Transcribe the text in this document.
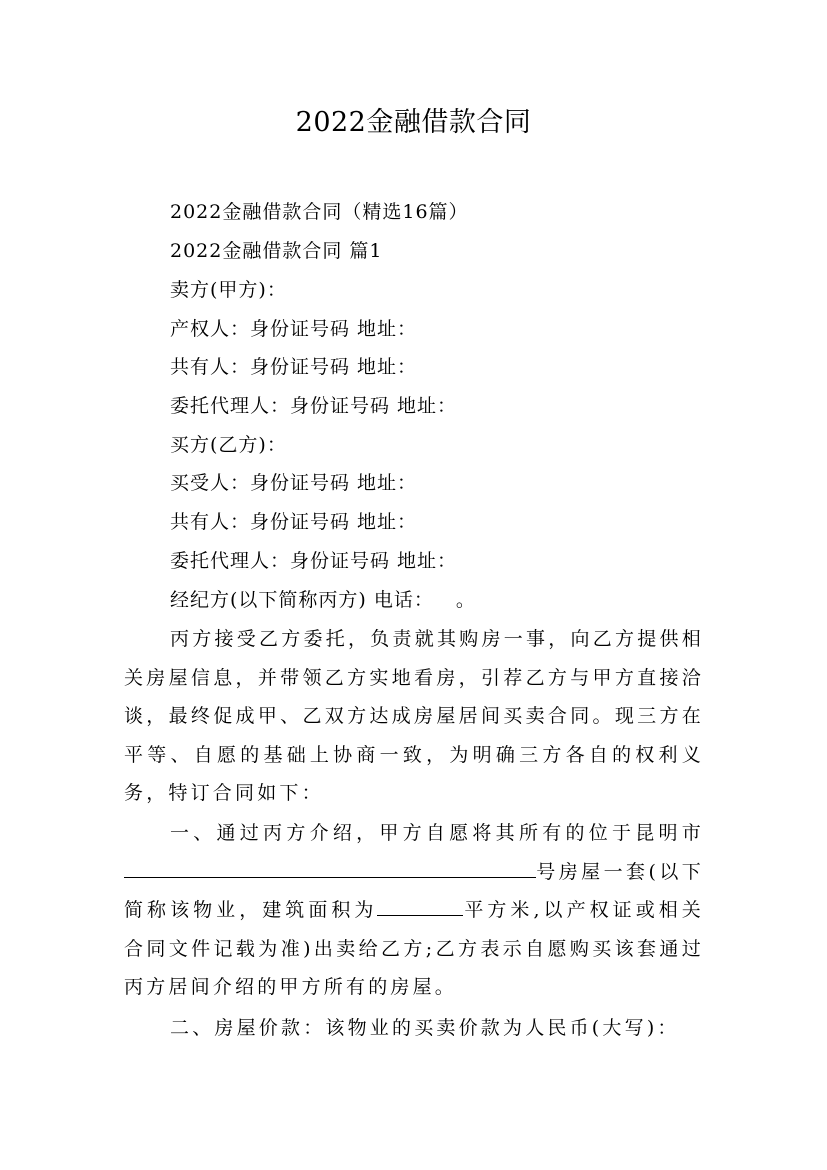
2022金融借款合同
2022金融借款合同（精选16篇）
2022金融借款合同 篇1
卖方(甲方)：
产权人：身份证号码 地址：
共有人：身份证号码 地址：
委托代理人：身份证号码 地址：
买方(乙方)：
买受人：身份证号码 地址：
共有人：身份证号码 地址：
委托代理人：身份证号码 地址：
经纪方(以下简称丙方) 电话： 。
丙方接受乙方委托，负责就其购房一事，向乙方提供相关房屋信息，并带领乙方实地看房，引荐乙方与甲方直接洽谈，最终促成甲、乙双方达成房屋居间买卖合同。现三方在平等、自愿的基础上协商一致，为明确三方各自的权利义务，特订合同如下：
一、通过丙方介绍，甲方自愿将其所有的位于昆明市号房屋一套(以下简称该物业，建筑面积为	平方米,以产权证或相关合同文件记载为准)出卖给乙方;乙方表示自愿购买该套通过丙方居间介绍的甲方所有的房屋。
二、房屋价款：该物业的买卖价款为人民币(大写)：
